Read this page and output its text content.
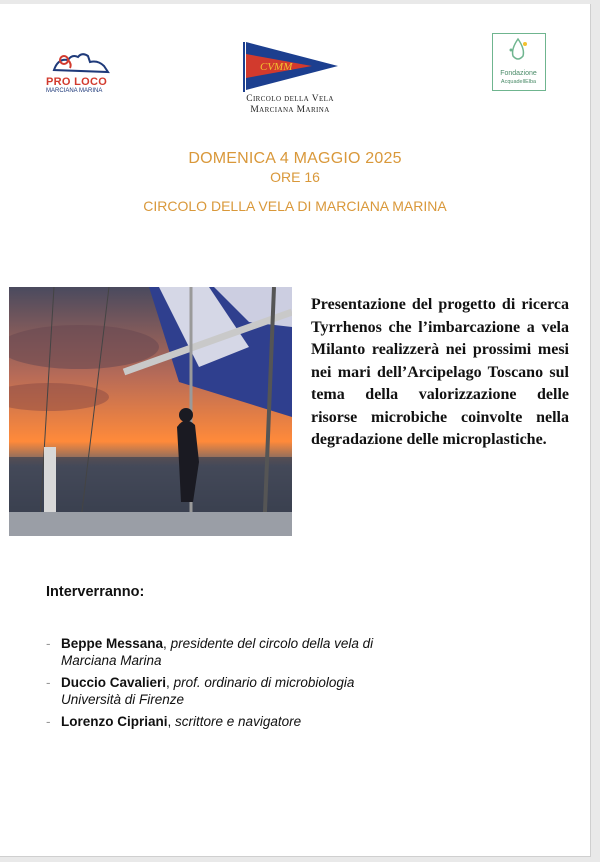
PRO LOCO
MARCIANA MARINA
CVMM
Circolo della Vela
Marciana Marina
Fondazione
AcquadellElba
DOMENICA 4 MAGGIO 2025
ORE 16
CIRCOLO DELLA VELA DI MARCIANA MARINA
Presentazione del progetto di ricerca Tyrrhenos che l’imbarcazione a vela Milanto realizzerà nei prossimi mesi nei mari dell’Arcipelago Toscano sul tema della valorizzazione delle risorse microbiche coinvolte nella degradazione delle microplastiche.
Interverranno:
- Beppe Messana, presidente del circolo della vela di Marciana Marina
- Duccio Cavalieri, prof. ordinario di microbiologia Università di Firenze
- Lorenzo Cipriani, scrittore e navigatore
